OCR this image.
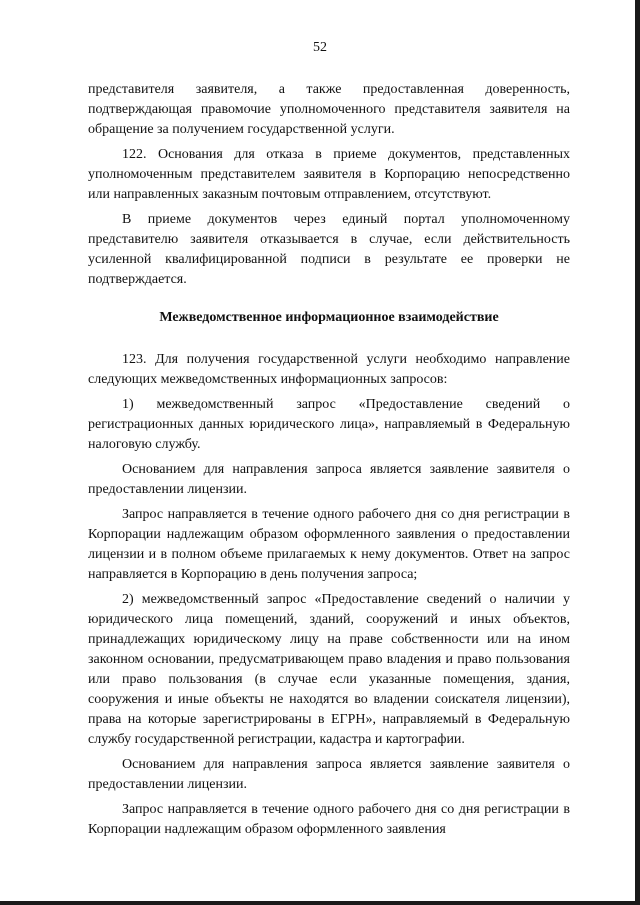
52

представителя заявителя, а также предоставленная доверенность, подтверждающая правомочие уполномоченного представителя заявителя на обращение за получением государственной услуги.

122. Основания для отказа в приеме документов, представленных уполномоченным представителем заявителя в Корпорацию непосредственно или направленных заказным почтовым отправлением, отсутствуют.

В приеме документов через единый портал уполномоченному представителю заявителя отказывается в случае, если действительность усиленной квалифицированной подписи в результате ее проверки не подтверждается.

Межведомственное информационное взаимодействие

123. Для получения государственной услуги необходимо направление следующих межведомственных информационных запросов:

1) межведомственный запрос «Предоставление сведений о регистрационных данных юридического лица», направляемый в Федеральную налоговую службу.

Основанием для направления запроса является заявление заявителя о предоставлении лицензии.

Запрос направляется в течение одного рабочего дня со дня регистрации в Корпорации надлежащим образом оформленного заявления о предоставлении лицензии и в полном объеме прилагаемых к нему документов. Ответ на запрос направляется в Корпорацию в день получения запроса;

2) межведомственный запрос «Предоставление сведений о наличии у юридического лица помещений, зданий, сооружений и иных объектов, принадлежащих юридическому лицу на праве собственности или на ином законном основании, предусматривающем право владения и право пользования или право пользования (в случае если указанные помещения, здания, сооружения и иные объекты не находятся во владении соискателя лицензии), права на которые зарегистрированы в ЕГРН», направляемый в Федеральную службу государственной регистрации, кадастра и картографии.

Основанием для направления запроса является заявление заявителя о предоставлении лицензии.

Запрос направляется в течение одного рабочего дня со дня регистрации в Корпорации надлежащим образом оформленного заявления
